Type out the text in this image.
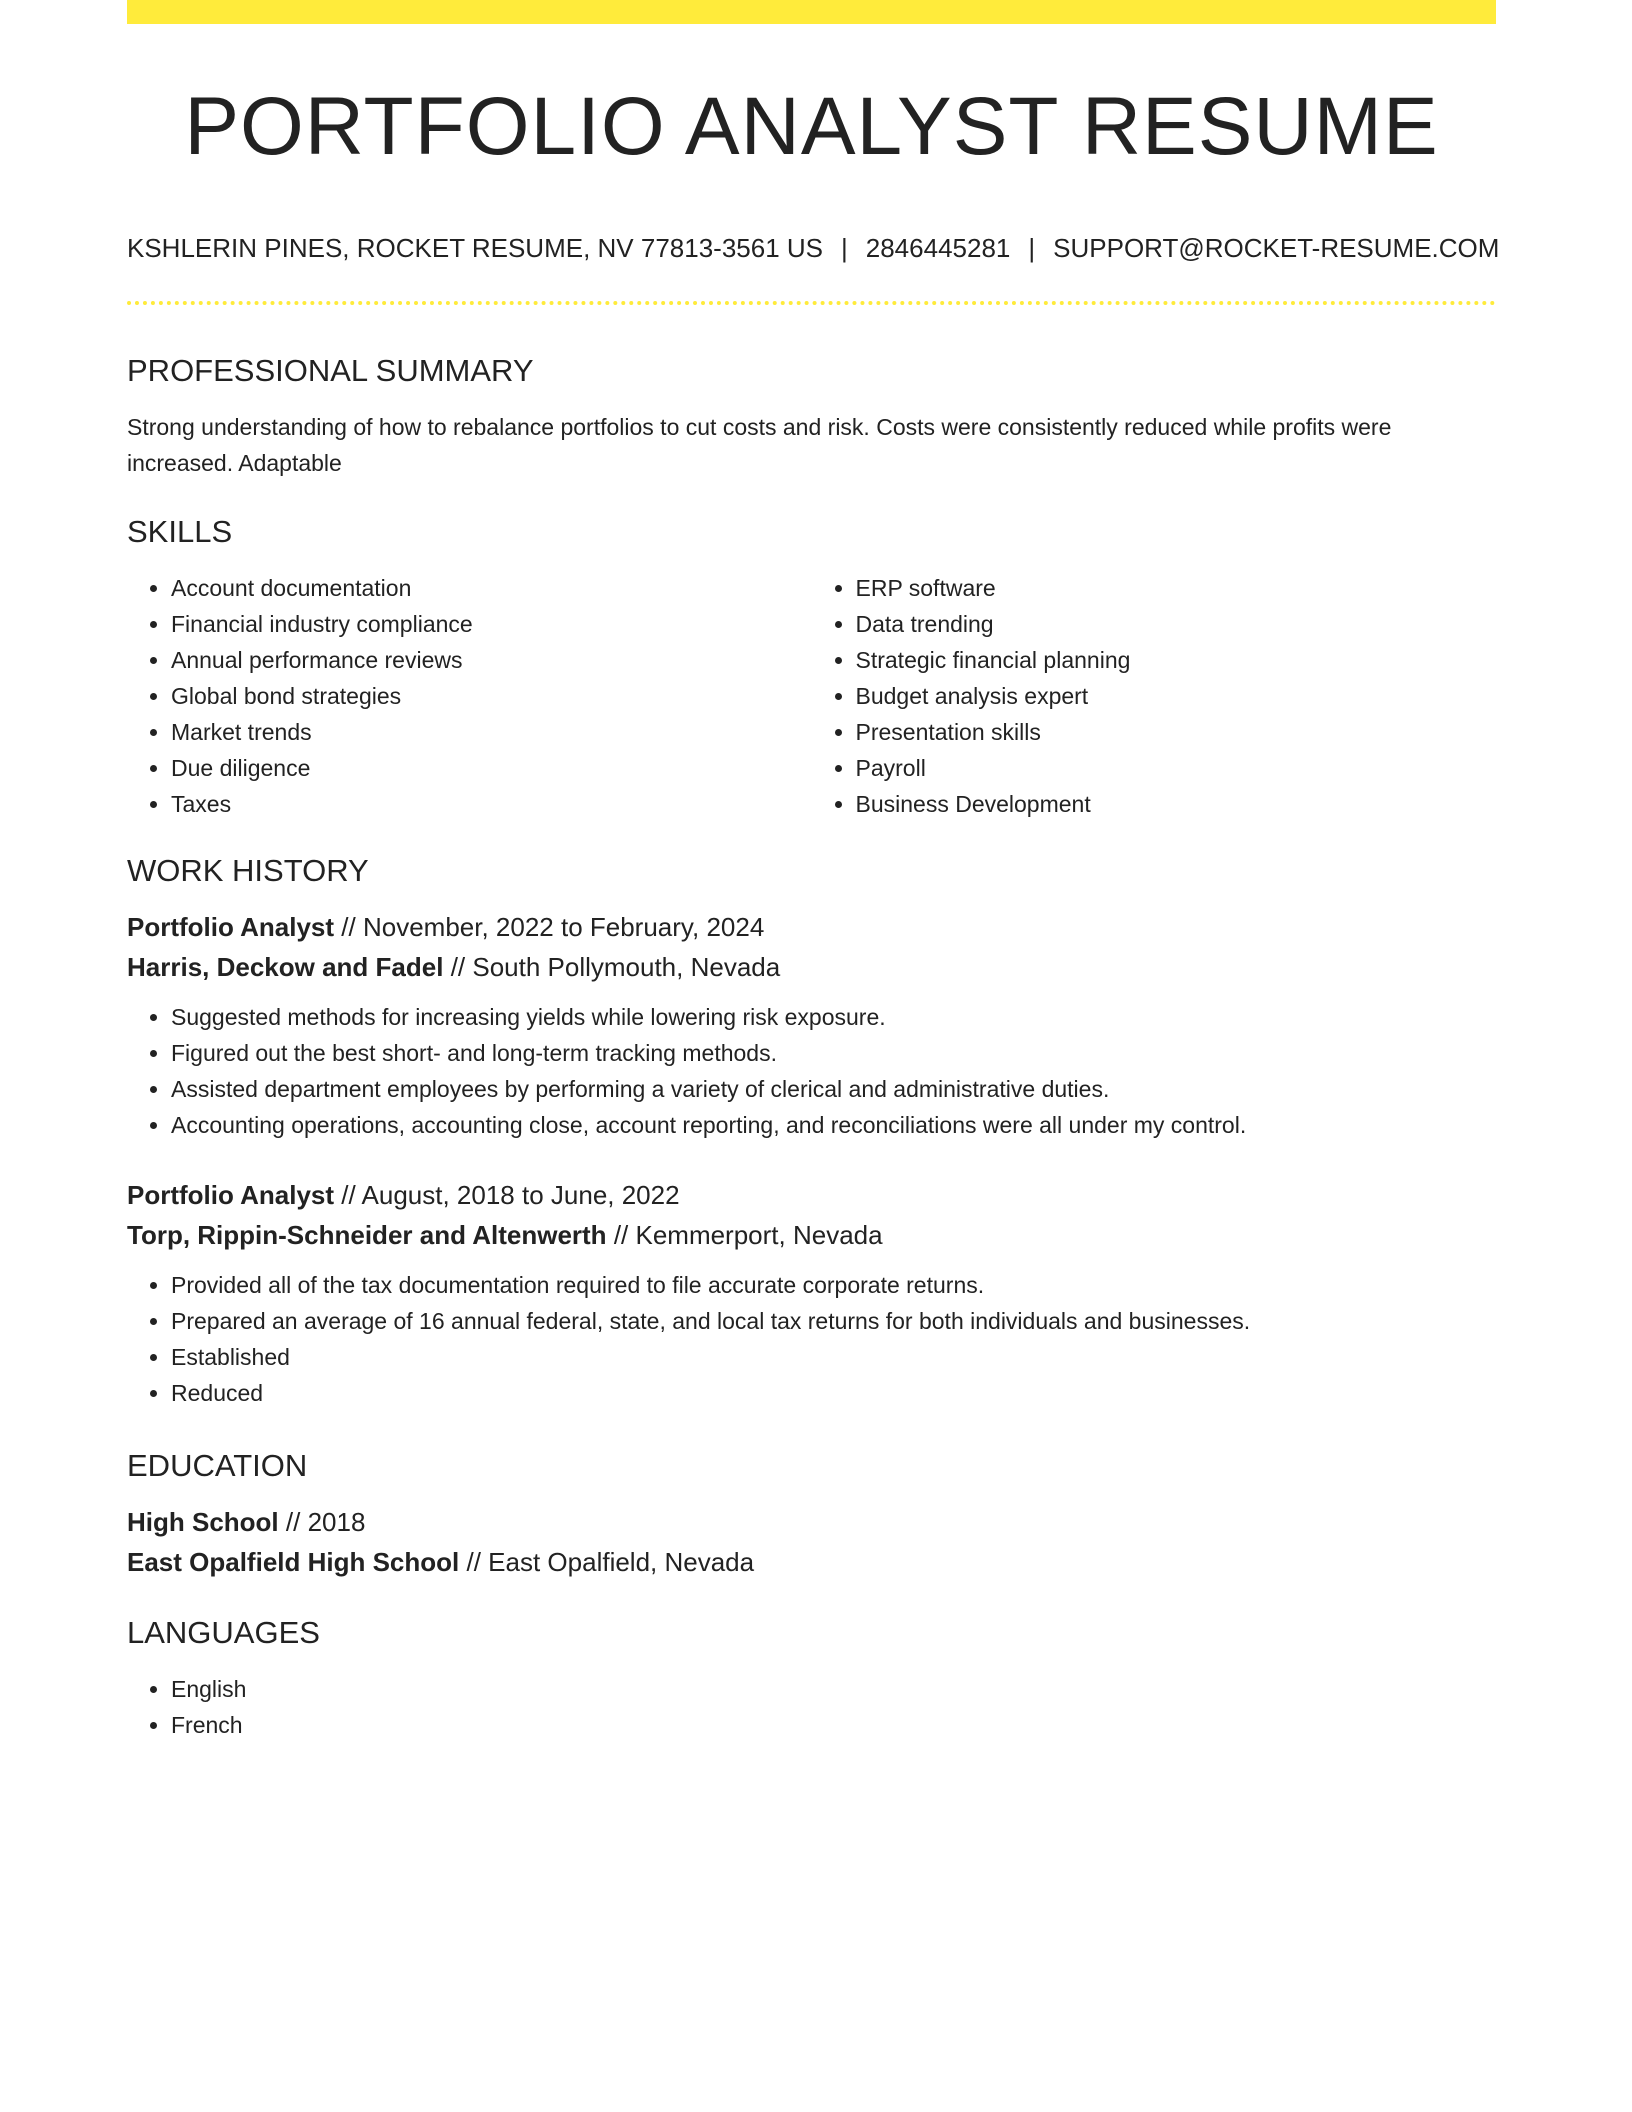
PORTFOLIO ANALYST RESUME
KSHLERIN PINES, ROCKET RESUME, NV 77813-3561 US | 2846445281 | SUPPORT@ROCKET-RESUME.COM
PROFESSIONAL SUMMARY

Strong understanding of how to rebalance portfolios to cut costs and risk. Costs were consistently reduced while profits were increased. Adaptable

SKILLS
• Account documentation
• Financial industry compliance
• Annual performance reviews
• Global bond strategies
• Market trends
• Due diligence
• Taxes
• ERP software
• Data trending
• Strategic financial planning
• Budget analysis expert
• Presentation skills
• Payroll
• Business Development
WORK HISTORY
Portfolio Analyst // November, 2022 to February, 2024
Harris, Deckow and Fadel // South Pollymouth, Nevada
• Suggested methods for increasing yields while lowering risk exposure.
• Figured out the best short- and long-term tracking methods.
• Assisted department employees by performing a variety of clerical and administrative duties.
• Accounting operations, accounting close, account reporting, and reconciliations were all under my control.
Portfolio Analyst // August, 2018 to June, 2022
Torp, Rippin-Schneider and Altenwerth // Kemmerport, Nevada
• Provided all of the tax documentation required to file accurate corporate returns.
• Prepared an average of 16 annual federal, state, and local tax returns for both individuals and businesses.
• Established
• Reduced
EDUCATION
High School // 2018
East Opalfield High School // East Opalfield, Nevada
LANGUAGES
• English
• French
